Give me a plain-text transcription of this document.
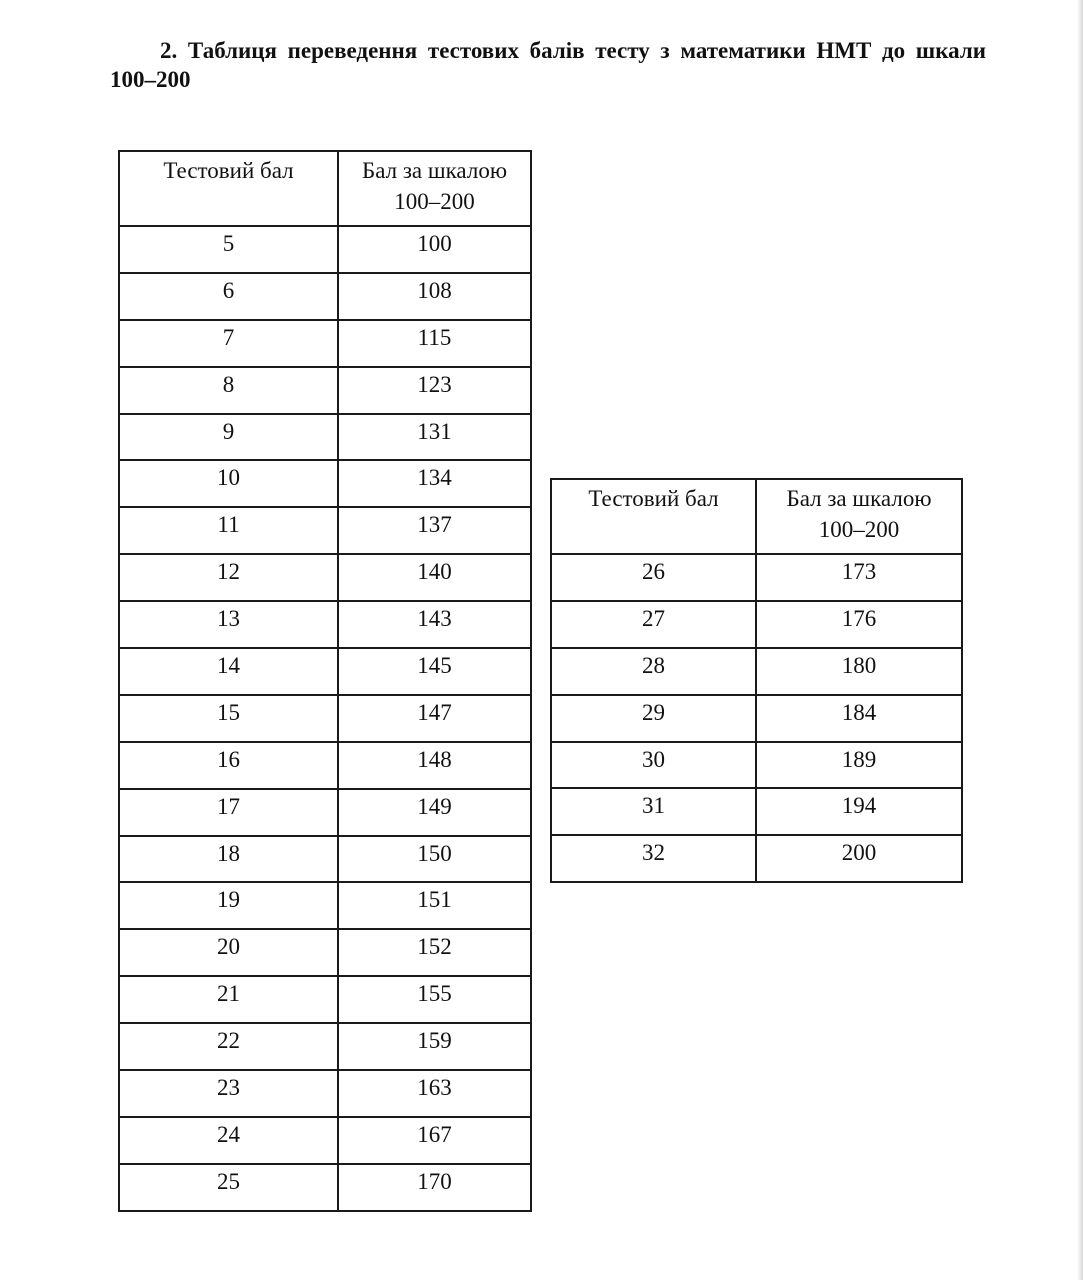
2. Таблиця переведення тестових балів тесту з математики НМТ до шкали 100–200

Тестовий бал	Бал за шкалою
100–200
5	100
6	108
7	115
8	123
9	131
10	134
11	137
12	140
13	143
14	145
15	147
16	148
17	149
18	150
19	151
20	152
21	155
22	159
23	163
24	167
25	170
Тестовий бал	Бал за шкалою
100–200
26	173
27	176
28	180
29	184
30	189
31	194
32	200
